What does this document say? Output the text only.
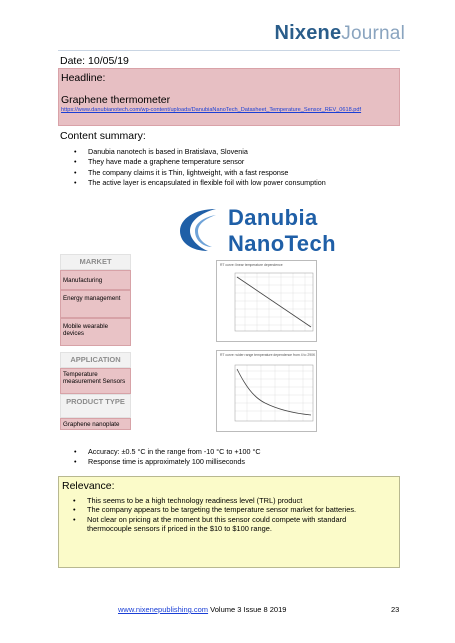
NixeneJournal
Date: 10/05/19
Headline:
Graphene thermometer
https://www.danubianotech.com/wp-content/uploads/DanubiaNanoTech_Datasheet_Temperature_Sensor_REV_0618.pdf
Content summary:
• Danubia nanotech is based in Bratislava, Slovenia
• They have made a graphene temperature sensor
• The company claims it is Thin, lightweight, with a fast response
• The active layer is encapsulated in flexible foil with low power consumption
Danubia
NanoTech
MARKET
Manufacturing
Energy management
Mobile wearable devices
APPLICATION
Temperature measurement Sensors
PRODUCT TYPE
Graphene nanoplate
RT curve: linear temperature dependence
RT curve: wider range temperature dependence from 4 to 290K
• Accuracy: ±0.5 °C in the range from -10 °C to +100 °C
• Response time is approximately 100 milliseconds
Relevance:
• This seems to be a high technology readiness level (TRL) product
• The company appears to be targeting the temperature sensor market for batteries.
• Not clear on pricing at the moment but this sensor could compete with standard thermocouple sensors if priced in the $10 to $100 range.
www.nixenepublishing.com Volume 3 Issue 8 2019	23
